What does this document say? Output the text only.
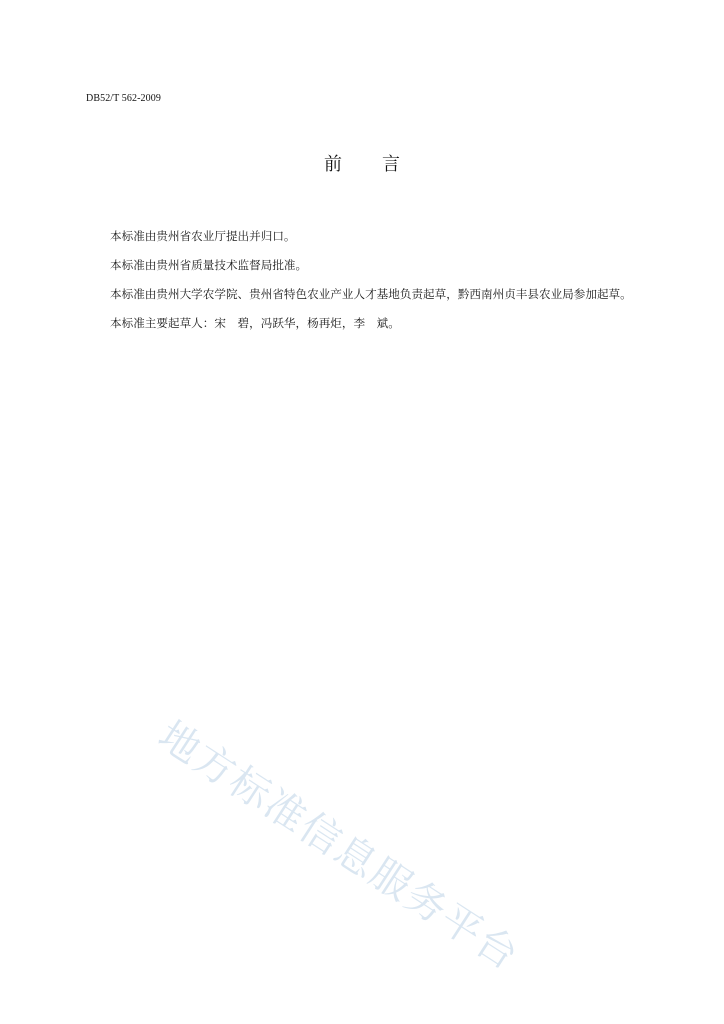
DB52/T 562-2009
前 言

本标准由贵州省农业厅提出并归口。

本标准由贵州省质量技术监督局批准。

本标准由贵州大学农学院、贵州省特色农业产业人才基地负责起草，黔西南州贞丰县农业局参加起草。

本标准主要起草人：宋　碧，冯跃华，杨再炬，李　斌。

地方标准信息服务平台
